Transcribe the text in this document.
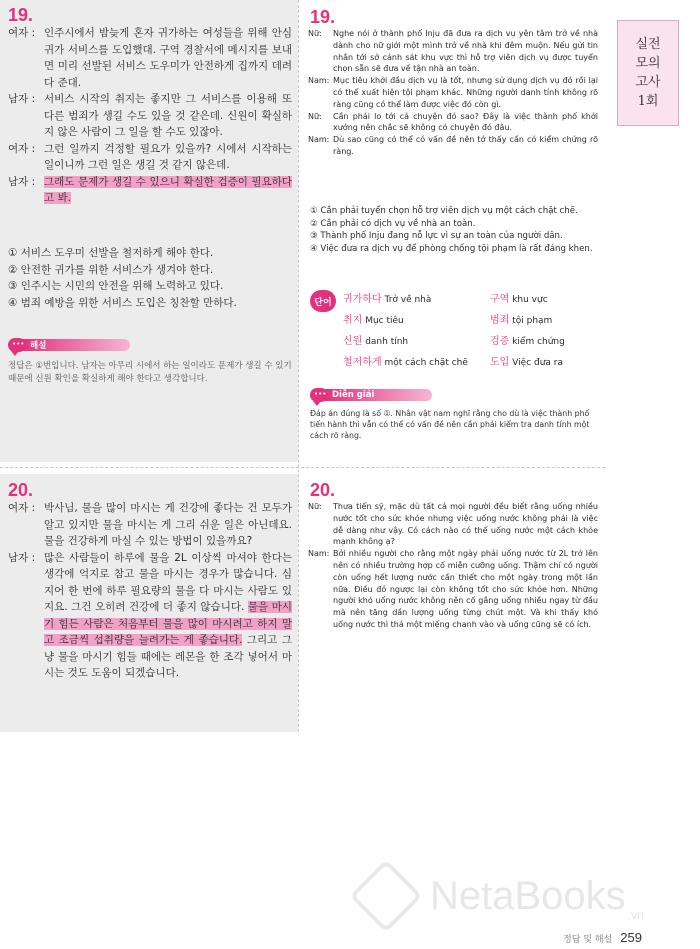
실전
모의
고사
1회
19.
여자 : 인주시에서 밤늦게 혼자 귀가하는 여성들을 위해 안심 귀가 서비스를 도입했대. 구역 경찰서에 메시지를 보내면 미리 선발된 서비스 도우미가 안전하게 집까지 데려다 준대.
남자 : 서비스 시작의 취지는 좋지만 그 서비스를 이용해 또 다른 범죄가 생길 수도 있을 것 같은데. 신원이 확실하지 않은 사람이 그 일을 할 수도 있잖아.
여자 : 그런 일까지 걱정할 필요가 있을까? 시에서 시작하는 일이니까 그런 일은 생길 것 같지 않은데.
남자 : 그래도 문제가 생길 수 있으니 확실한 검증이 필요하다고 봐.
① 서비스 도우미 선발을 철저하게 해야 한다.
② 안전한 귀가를 위한 서비스가 생겨야 한다.
③ 인주시는 시민의 안전을 위해 노력하고 있다.
④ 범죄 예방을 위한 서비스 도입은 칭찬할 만하다.
••• 해설
정답은 ①번입니다. 남자는 아무리 시에서 하는 일이라도 문제가 생길 수 있기 때문에 신원 확인을 확실하게 해야 한다고 생각합니다.
19.
Nữ:	Nghe nói ở thành phố Inju đã đưa ra dịch vụ yên tâm trở về nhà dành cho nữ giới một mình trở về nhà khi đêm muộn. Nếu gửi tin nhắn tới sở cảnh sát khu vực thì hỗ trợ viên dịch vụ được tuyển chọn sẵn sẽ đưa về tận nhà an toàn.
Nam: Mục tiêu khởi đầu dịch vụ là tốt, nhưng sử dụng dịch vụ đó rồi lại có thể xuất hiện tội phạm khác. Những người danh tính không rõ ràng cũng có thể làm được việc đó còn gì.
Nữ:	Cần phải lo tới cả chuyện đó sao? Đây là việc thành phố khởi xướng nên chắc sẽ không có chuyện đó đâu.
Nam: Dù sao cũng có thể có vấn đề nên tớ thấy cần có kiểm chứng rõ ràng.
① Cần phải tuyển chọn hỗ trợ viên dịch vụ một cách chặt chẽ.
② Cần phải có dịch vụ về nhà an toàn.
③ Thành phố Inju đang nỗ lực vì sự an toàn của người dân.
④ Việc đưa ra dịch vụ để phòng chống tội phạm là rất đáng khen.
단어	귀가하다 Trở về nhà	구역 khu vực
취지 Mục tiêu	범죄 tội phạm
신원 danh tính	검증 kiểm chứng
철저하게 một cách chặt chẽ 도입 Việc đưa ra
••• Diễn giải
Đáp án đúng là số ①. Nhân vật nam nghĩ rằng cho dù là việc thành phố tiến hành thì vẫn có thể có vấn đề nên cần phải kiểm tra danh tính một cách rõ ràng.
20.
여자 : 박사님, 물을 많이 마시는 게 건강에 좋다는 건 모두가 알고 있지만 물을 마시는 게 그리 쉬운 일은 아닌데요. 물을 건강하게 마실 수 있는 방법이 있을까요?
남자 : 많은 사람들이 하루에 물을 2L 이상씩 마셔야 한다는 생각에 억지로 참고 물을 마시는 경우가 많습니다. 심지어 한 번에 하루 필요량의 물을 다 마시는 사람도 있지요. 그건 오히려 건강에 더 좋지 않습니다. 물을 마시기 힘든 사람은 처음부터 물을 많이 마시려고 하지 말고 조금씩 섭취량을 늘려가는 게 좋습니다. 그리고 그냥 물을 마시기 힘들 때에는 레몬을 한 조각 넣어서 마시는 것도 도움이 되겠습니다.
20.
Nữ:	Thưa tiến sỹ, mặc dù tất cả mọi người đều biết rằng uống nhiều nước tốt cho sức khỏe nhưng việc uống nước không phải là việc dễ dàng như vậy. Có cách nào có thể uống nước một cách khỏe mạnh không ạ?
Nam: Bởi nhiều người cho rằng một ngày phải uống nước từ 2L trở lên nên có nhiều trường hợp cố miễn cưỡng uống. Thậm chí có người còn uống hết lượng nước cần thiết cho một ngày trong một lần nữa. Điều đó ngược lại còn không tốt cho sức khỏe hơn. Những người khó uống nước không nên cố gắng uống nhiều ngay từ đầu mà nên tăng dần lượng uống từng chút một. Và khi thấy khó uống nước thì thả một miếng chanh vào và uống cũng sẽ có ích.
NetaBooks .vn
정답 및 해설 259
